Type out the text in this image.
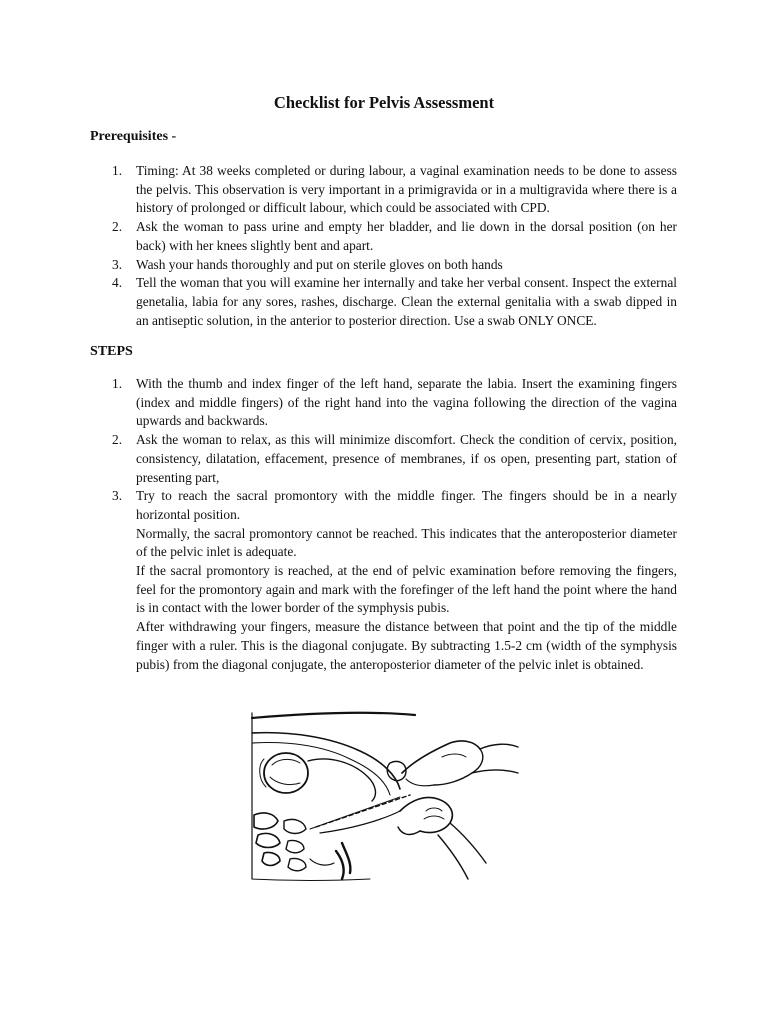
Checklist for Pelvis Assessment
Prerequisites -
1. Timing: At 38 weeks completed or during labour, a vaginal examination needs to be done to assess the pelvis. This observation is very important in a primigravida or in a multigravida where there is a history of prolonged or difficult labour, which could be associated with CPD.

2. Ask the woman to pass urine and empty her bladder, and lie down in the dorsal position (on her back) with her knees slightly bent and apart.

3. Wash your hands thoroughly and put on sterile gloves on both hands

4. Tell the woman that you will examine her internally and take her verbal consent. Inspect the external genetalia, labia for any sores, rashes, discharge. Clean the external genitalia with a swab dipped in an antiseptic solution, in the anterior to posterior direction. Use a swab ONLY ONCE.

STEPS
1. With the thumb and index finger of the left hand, separate the labia. Insert the examining fingers (index and middle fingers) of the right hand into the vagina following the direction of the vagina upwards and backwards.

2. Ask the woman to relax, as this will minimize discomfort. Check the condition of cervix, position, consistency, dilatation, effacement, presence of membranes, if os open, presenting part, station of presenting part,

3. Try to reach the sacral promontory with the middle finger. The fingers should be in a nearly horizontal position.

Normally, the sacral promontory cannot be reached. This indicates that the anteroposterior diameter of the pelvic inlet is adequate.

If the sacral promontory is reached, at the end of pelvic examination before removing the fingers, feel for the promontory again and mark with the forefinger of the left hand the point where the hand is in contact with the lower border of the symphysis pubis.

After withdrawing your fingers, measure the distance between that point and the tip of the middle finger with a ruler. This is the diagonal conjugate. By subtracting 1.5-2 cm (width of the symphysis pubis) from the diagonal conjugate, the anteroposterior diameter of the pelvic inlet is obtained.
